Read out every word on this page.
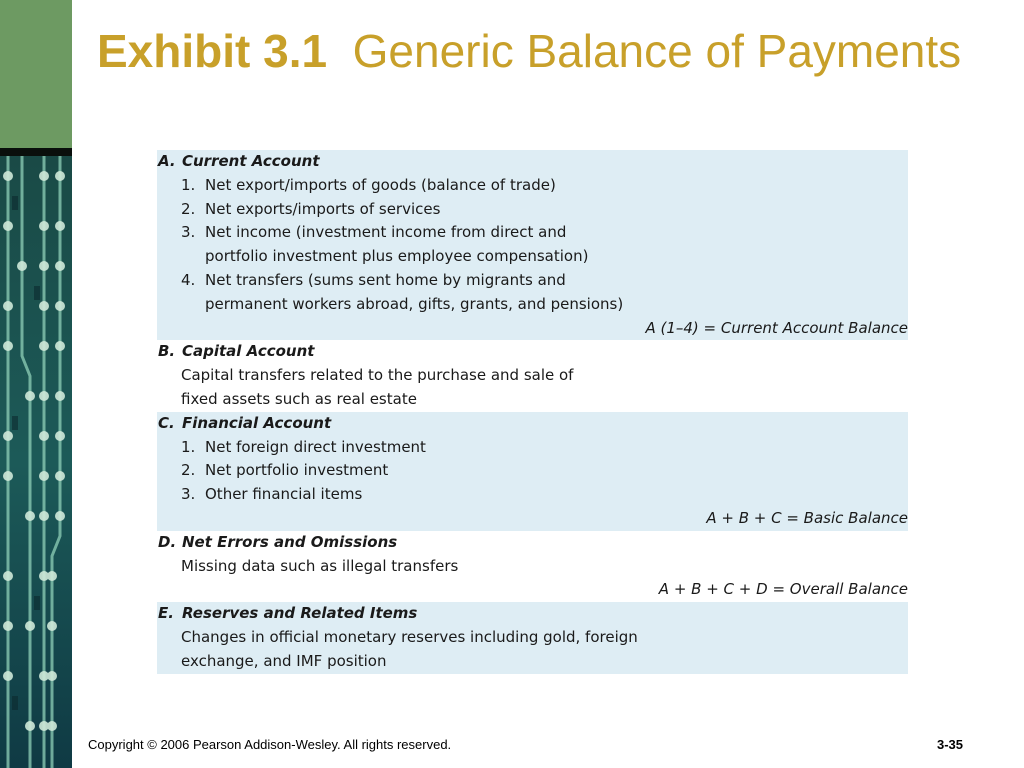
Exhibit 3.1 Generic Balance of Payments
A. Current Account
1. Net export/imports of goods (balance of trade)
2. Net exports/imports of services
3. Net income (investment income from direct and
portfolio investment plus employee compensation)
4. Net transfers (sums sent home by migrants and
permanent workers abroad, gifts, grants, and pensions)
A (1–4) = Current Account Balance
B. Capital Account
Capital transfers related to the purchase and sale of
fixed assets such as real estate
C. Financial Account
1. Net foreign direct investment
2. Net portfolio investment
3. Other financial items
A + B + C = Basic Balance
D. Net Errors and Omissions
Missing data such as illegal transfers
A + B + C + D = Overall Balance
E. Reserves and Related Items
Changes in official monetary reserves including gold, foreign
exchange, and IMF position
Copyright © 2006 Pearson Addison-Wesley. All rights reserved.	3-35
